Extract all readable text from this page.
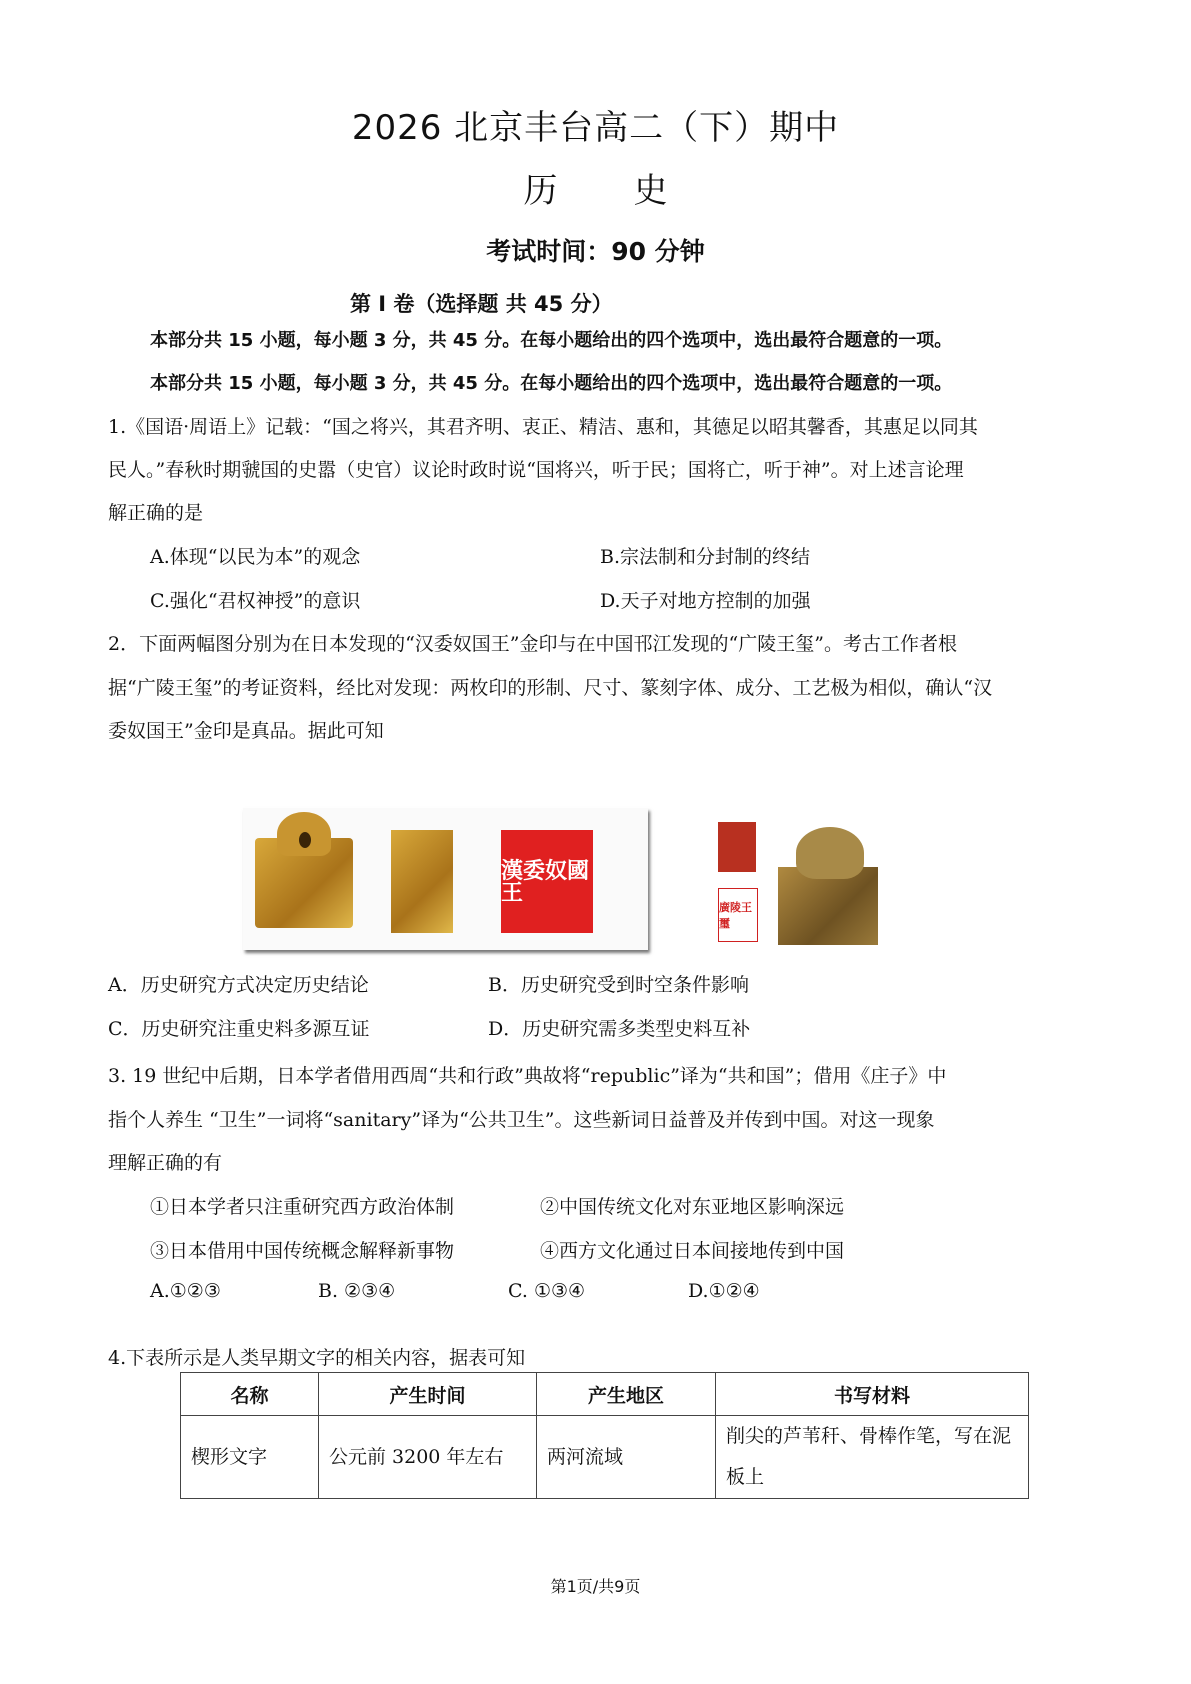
2026 北京丰台高二（下）期中
历 史
考试时间：90 分钟
第 I 卷（选择题 共 45 分）
本部分共 15 小题，每小题 3 分，共 45 分。在每小题给出的四个选项中，选出最符合题意的一项。
本部分共 15 小题，每小题 3 分，共 45 分。在每小题给出的四个选项中，选出最符合题意的一项。
1.《国语·周语上》记载：“国之将兴，其君齐明、衷正、精洁、惠和，其德足以昭其馨香，其惠足以同其
民人。”春秋时期虢国的史嚣（史官）议论时政时说“国将兴，听于民；国将亡，听于神”。对上述言论理
解正确的是
A.体现“以民为本”的观念	B.宗法制和分封制的终结
C.强化“君权神授”的意识	D.天子对地方控制的加强
2．下面两幅图分别为在日本发现的“汉委奴国王”金印与在中国邗江发现的“广陵王玺”。考古工作者根
据“广陵王玺”的考证资料，经比对发现：两枚印的形制、尺寸、篆刻字体、成分、工艺极为相似，确认“汉
委奴国王”金印是真品。据此可知
漢委奴國王
廣陵王璽
A．历史研究方式决定历史结论	B．历史研究受到时空条件影响
C．历史研究注重史料多源互证	D．历史研究需多类型史料互补
3. 19 世纪中后期，日本学者借用西周“共和行政”典故将“republic”译为“共和国”；借用《庄子》中
指个人养生 “卫生”一词将“sanitary”译为“公共卫生”。这些新词日益普及并传到中国。对这一现象
理解正确的有
①日本学者只注重研究西方政治体制	②中国传统文化对东亚地区影响深远
③日本借用中国传统概念解释新事物	④西方文化通过日本间接地传到中国
A.①②③	B. ②③④	C. ①③④	D.①②④
4.下表所示是人类早期文字的相关内容，据表可知
名称	产生时间	产生地区	书写材料
楔形文字	公元前 3200 年左右	两河流域	削尖的芦苇秆、骨棒作笔，写在泥板上
第1页/共9页
